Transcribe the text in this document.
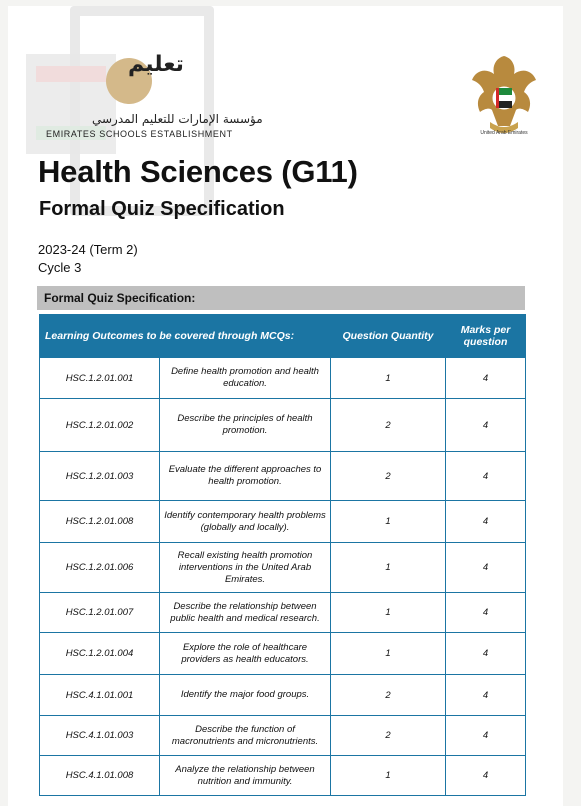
تعليم
مؤسسة الإمارات للتعليم المدرسي
EMIRATES SCHOOLS ESTABLISHMENT	United Arab Emirates
Health Sciences (G11)
Formal Quiz Specification
2023-24 (Term 2)
Cycle 3
Formal Quiz Specification:
Learning Outcomes to be covered through MCQs:		Question Quantity	Marks per question
HSC.1.2.01.001	Define health promotion and health education.	1	4
HSC.1.2.01.002	Describe the principles of health promotion.	2	4
HSC.1.2.01.003	Evaluate the different approaches to health promotion.	2	4
HSC.1.2.01.008	Identify contemporary health problems (globally and locally).	1	4
HSC.1.2.01.006	Recall existing health promotion interventions in the United Arab Emirates.	1	4
HSC.1.2.01.007	Describe the relationship between public health and medical research.	1	4
HSC.1.2.01.004	Explore the role of healthcare providers as health educators.	1	4
HSC.4.1.01.001	Identify the major food groups.	2	4
HSC.4.1.01.003	Describe the function of macronutrients and micronutrients.	2	4
HSC.4.1.01.008	Analyze the relationship between nutrition and immunity.	1	4
